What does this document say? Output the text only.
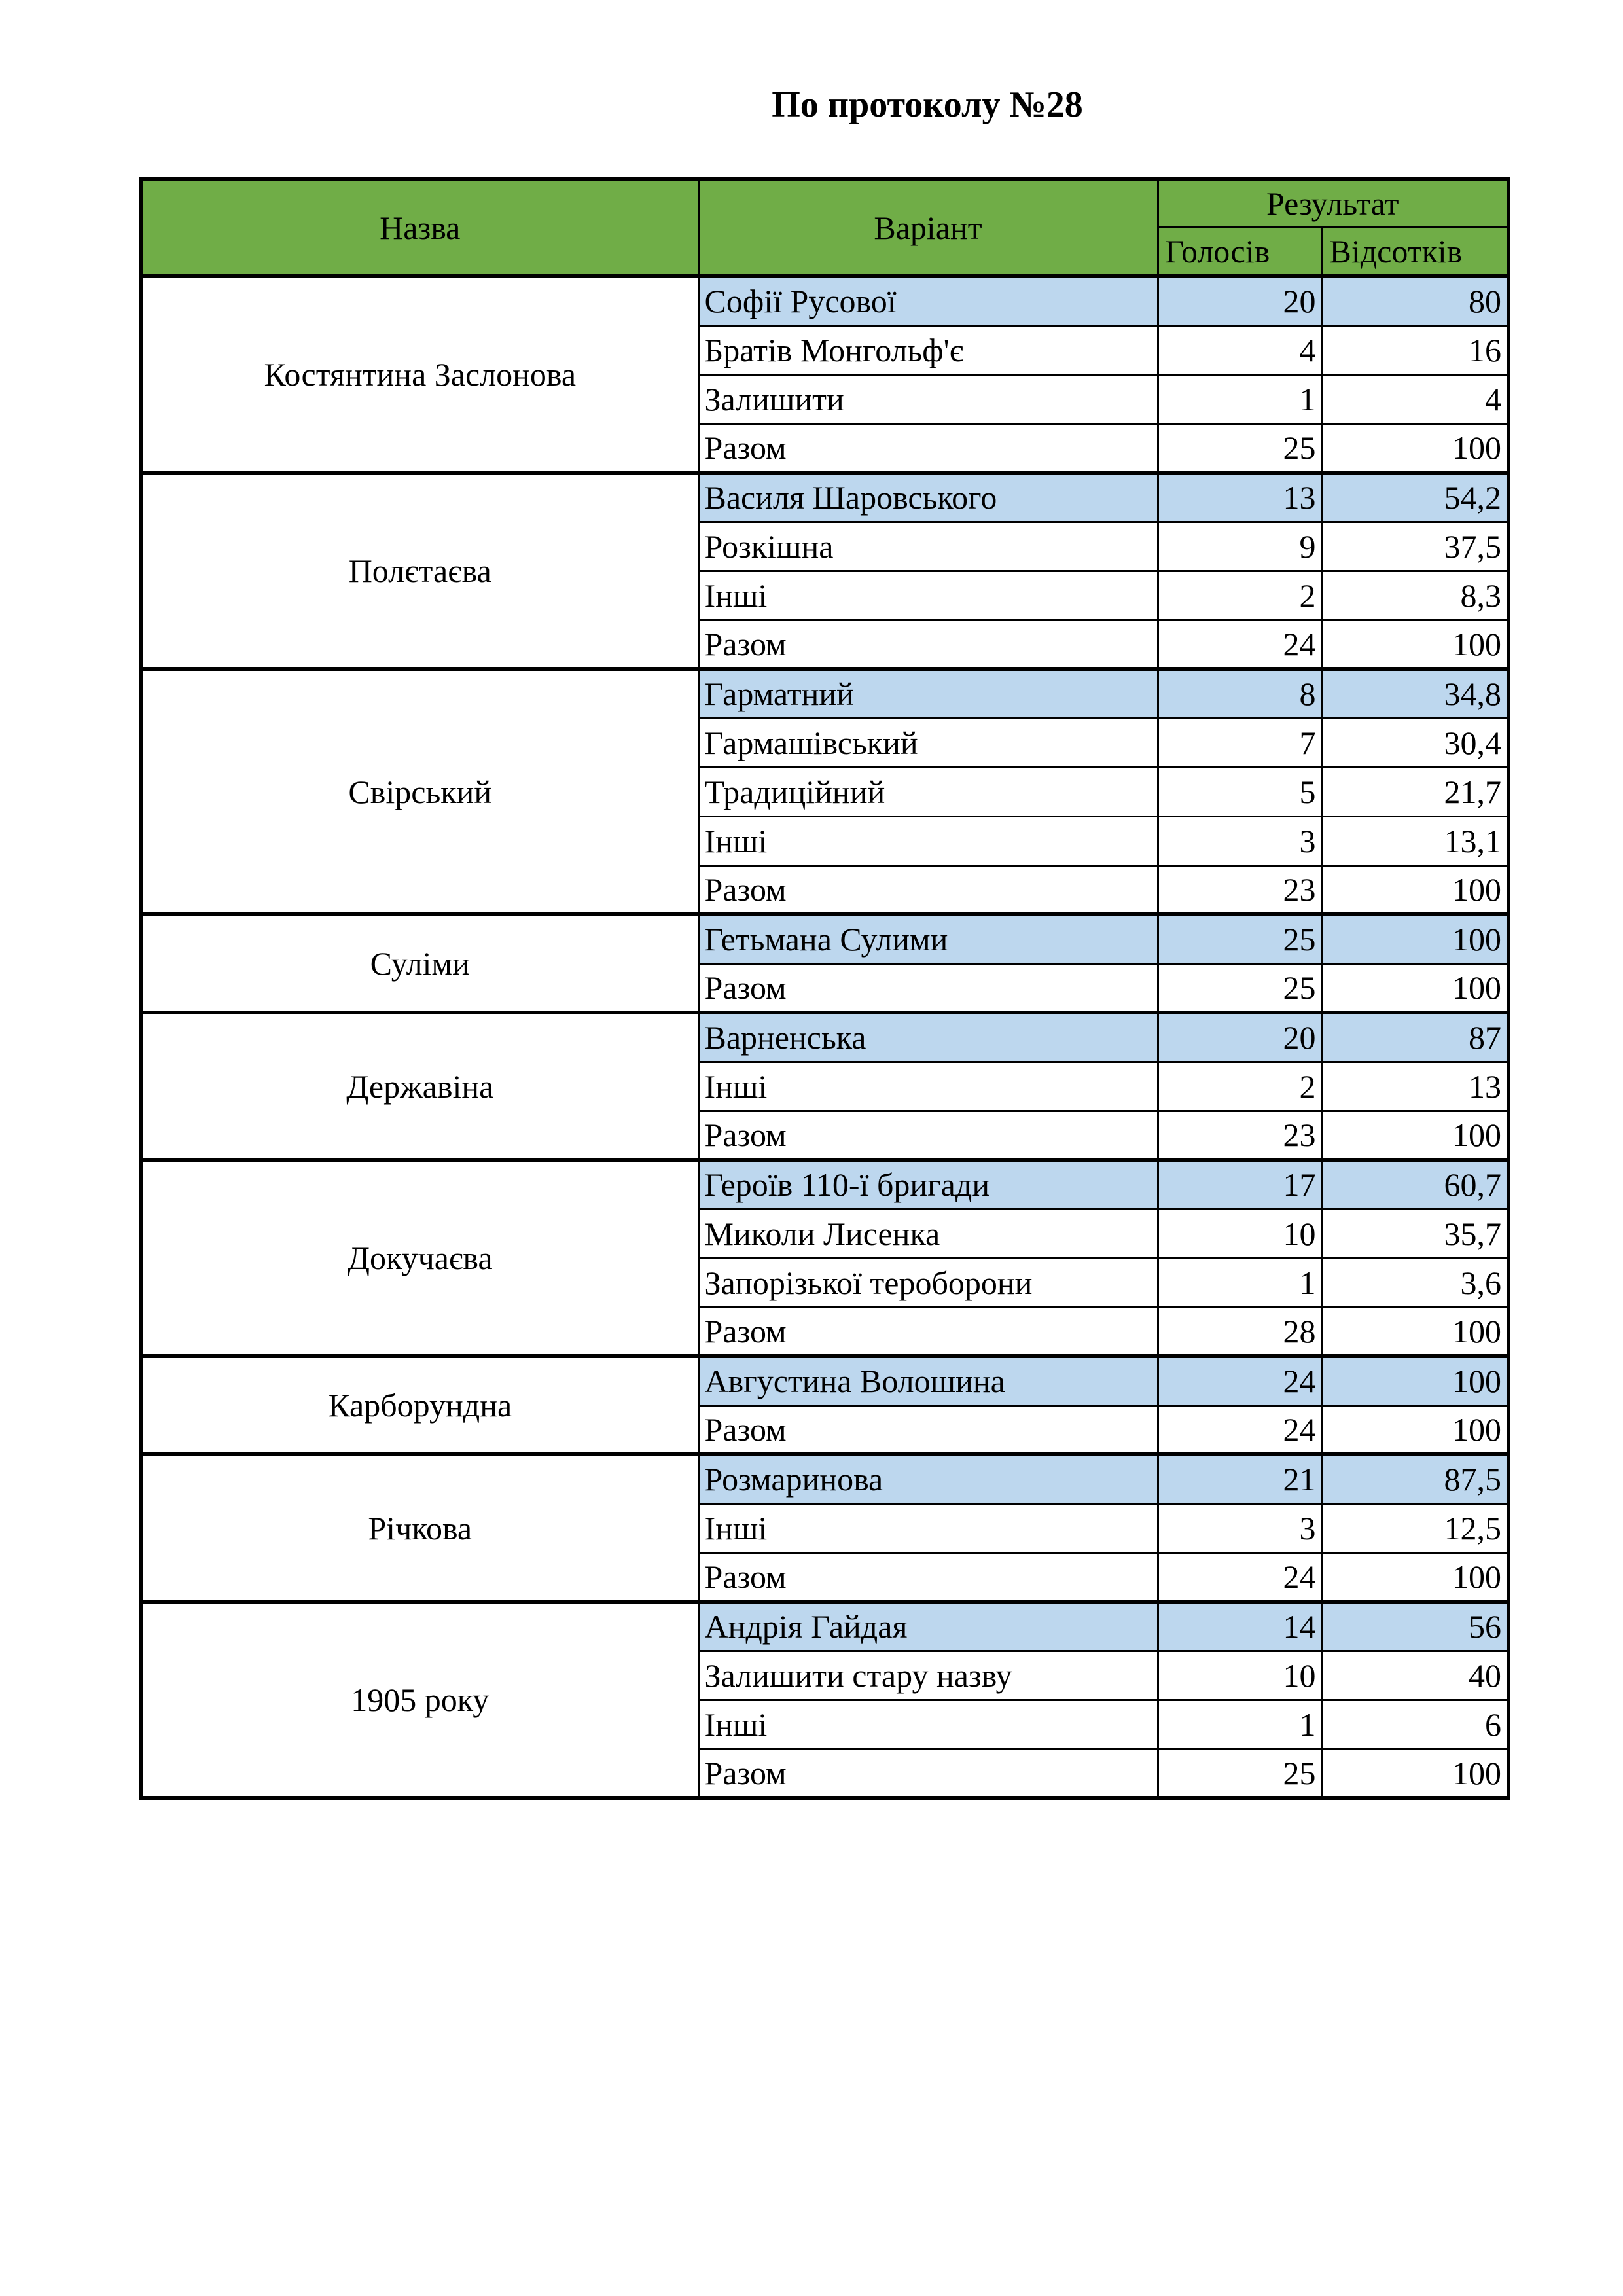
По протоколу №28
Назва	Варіант	Результат	
		Голосів	Відсотків
Костянтина Заслонова	Софії Русової	20	80
	Братів Монгольф'є	4	16
	Залишити	1	4
	Разом	25	100
Полєтаєва	Василя Шаровського	13	54,2
	Розкішна	9	37,5
	Інші	2	8,3
	Разом	24	100
Свірський	Гарматний	8	34,8
	Гармашівський	7	30,4
	Традиційний	5	21,7
	Інші	3	13,1
	Разом	23	100
Суліми	Гетьмана Сулими	25	100
	Разом	25	100
Державіна	Варненська	20	87
	Інші	2	13
	Разом	23	100
Докучаєва	Героїв 110-ї бригади	17	60,7
	Миколи Лисенка	10	35,7
	Запорізької тероборони	1	3,6
	Разом	28	100
Карборундна	Августина Волошина	24	100
	Разом	24	100
Річкова	Розмаринова	21	87,5
	Інші	3	12,5
	Разом	24	100
1905 року	Андрія Гайдая	14	56
	Залишити стару назву	10	40
	Інші	1	6
	Разом	25	100
